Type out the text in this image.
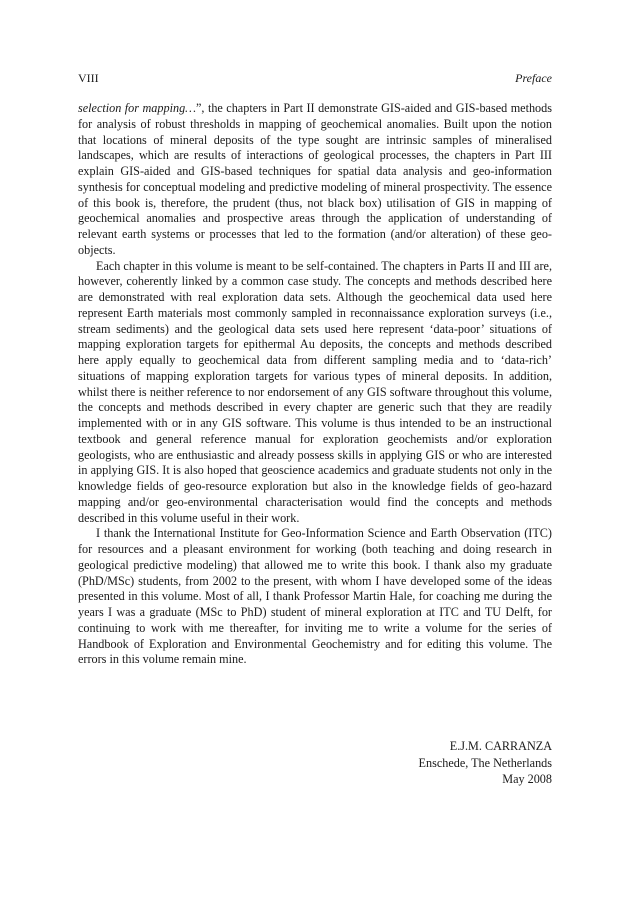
VIII	Preface

selection for mapping…”, the chapters in Part II demonstrate GIS-aided and GIS-based methods for analysis of robust thresholds in mapping of geochemical anomalies. Built upon the notion that locations of mineral deposits of the type sought are intrinsic samples of mineralised landscapes, which are results of interactions of geological processes, the chapters in Part III explain GIS-aided and GIS-based techniques for spatial data analysis and geo-information synthesis for conceptual modeling and predictive modeling of mineral prospectivity. The essence of this book is, therefore, the prudent (thus, not black box) utilisation of GIS in mapping of geochemical anomalies and prospective areas through the application of understanding of relevant earth systems or processes that led to the formation (and/or alteration) of these geo-objects.

Each chapter in this volume is meant to be self-contained. The chapters in Parts II and III are, however, coherently linked by a common case study. The concepts and methods described here are demonstrated with real exploration data sets. Although the geochemical data used here represent Earth materials most commonly sampled in reconnaissance exploration surveys (i.e., stream sediments) and the geological data sets used here represent ‘data-poor’ situations of mapping exploration targets for epithermal Au deposits, the concepts and methods described here apply equally to geochemical data from different sampling media and to ‘data-rich’ situations of mapping exploration targets for various types of mineral deposits. In addition, whilst there is neither reference to nor endorsement of any GIS software throughout this volume, the concepts and methods described in every chapter are generic such that they are readily implemented with or in any GIS software. This volume is thus intended to be an instructional textbook and general reference manual for exploration geochemists and/or exploration geologists, who are enthusiastic and already possess skills in applying GIS or who are interested in applying GIS. It is also hoped that geoscience academics and graduate students not only in the knowledge fields of geo-resource exploration but also in the knowledge fields of geo-hazard mapping and/or geo-environmental characterisation would find the concepts and methods described in this volume useful in their work.

I thank the International Institute for Geo-Information Science and Earth Observation (ITC) for resources and a pleasant environment for working (both teaching and doing research in geological predictive modeling) that allowed me to write this book. I thank also my graduate (PhD/MSc) students, from 2002 to the present, with whom I have developed some of the ideas presented in this volume. Most of all, I thank Professor Martin Hale, for coaching me during the years I was a graduate (MSc to PhD) student of mineral exploration at ITC and TU Delft, for continuing to work with me thereafter, for inviting me to write a volume for the series of Handbook of Exploration and Environmental Geochemistry and for editing this volume. The errors in this volume remain mine.

E.J.M. CARRANZA
Enschede, The Netherlands
May 2008
